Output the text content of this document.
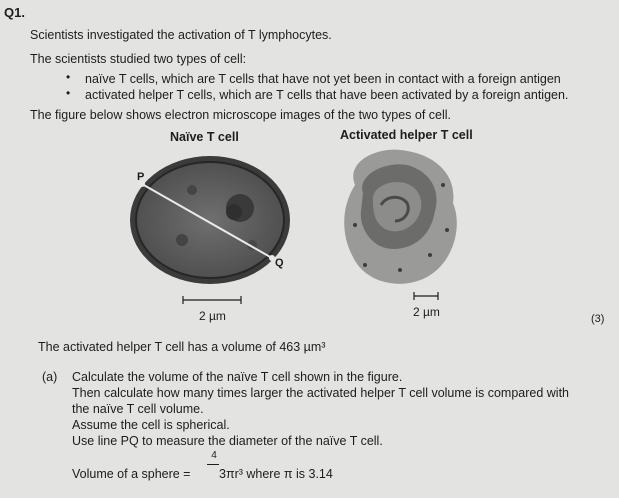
Q1.
Scientists investigated the activation of T lymphocytes.
The scientists studied two types of cell:
• naïve T cells, which are T cells that have not yet been in contact with a foreign antigen
• activated helper T cells, which are T cells that have been activated by a foreign antigen.
The figure below shows electron microscope images of the two types of cell.
Naïve T cell	Activated helper T cell
P
Q
2 µm	2 µm	(3)
The activated helper T cell has a volume of 463 µm³
(a) Calculate the volume of the naïve T cell shown in the figure.
Then calculate how many times larger the activated helper T cell volume is compared with
the naïve T cell volume.
Assume the cell is spherical.
Use line PQ to measure the diameter of the naïve T cell.
Volume of a sphere =
4
3πr³ where π is 3.14
